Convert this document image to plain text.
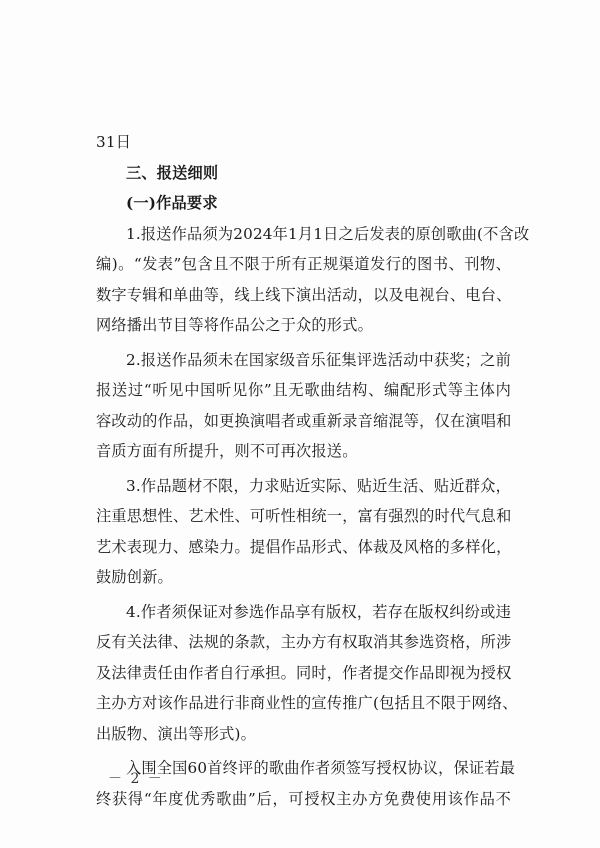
31日
三、报送细则
(一)作品要求
1.报送作品须为2024年1月1日之后发表的原创歌曲(不含改
编)。“发表”包含且不限于所有正规渠道发行的图书、刊物、
数字专辑和单曲等，线上线下演出活动，以及电视台、电台、
网络播出节目等将作品公之于众的形式。
2.报送作品须未在国家级音乐征集评选活动中获奖；之前
报送过“听见中国听见你”且无歌曲结构、编配形式等主体内
容改动的作品，如更换演唱者或重新录音缩混等，仅在演唱和
音质方面有所提升，则不可再次报送。
3.作品题材不限，力求贴近实际、贴近生活、贴近群众，
注重思想性、艺术性、可听性相统一，富有强烈的时代气息和
艺术表现力、感染力。提倡作品形式、体裁及风格的多样化，
鼓励创新。
4.作者须保证对参选作品享有版权，若存在版权纠纷或违
反有关法律、法规的条款，主办方有权取消其参选资格，所涉
及法律责任由作者自行承担。同时，作者提交作品即视为授权
主办方对该作品进行非商业性的宣传推广(包括且不限于网络、
出版物、演出等形式)。
入围全国60首终评的歌曲作者须签写授权协议，保证若最
终获得“年度优秀歌曲”后，可授权主办方免费使用该作品不
－ 2 －
